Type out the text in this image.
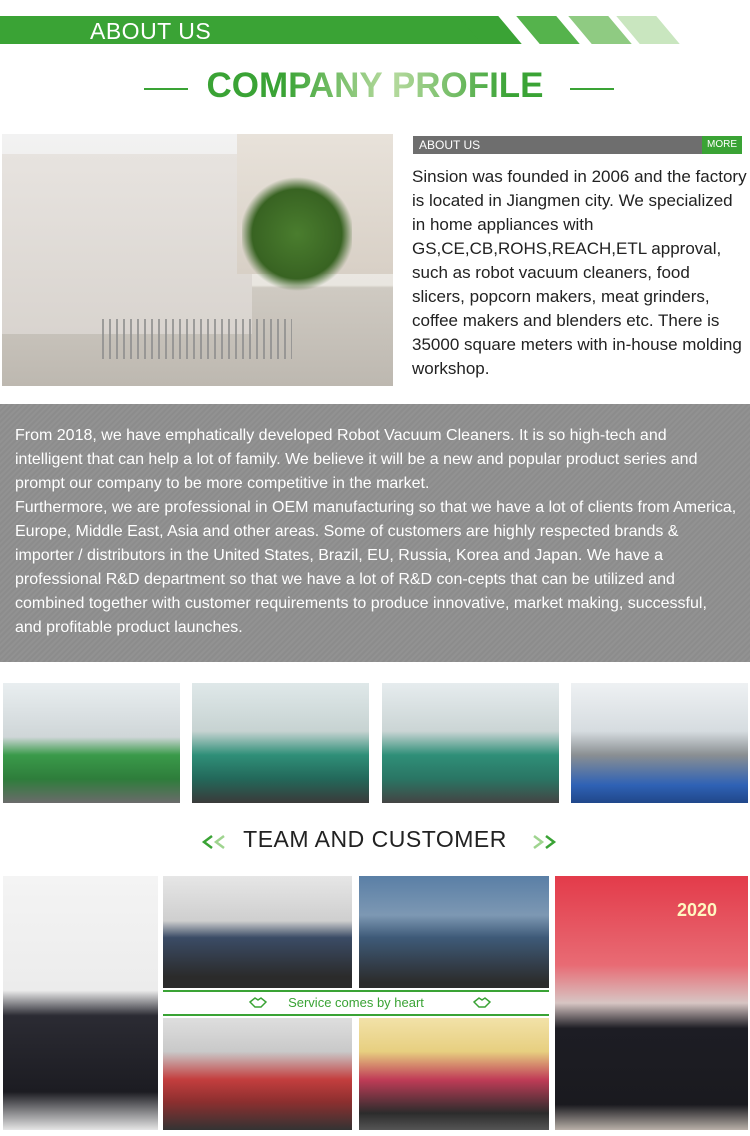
ABOUT US
COMPANY PROFILE
ABOUT US	MORE
Sinsion was founded in 2006 and the factory is located in Jiangmen city. We specialized in home appliances with GS,CE,CB,ROHS,REACH,ETL approval, such as robot vacuum cleaners, food slicers, popcorn makers, meat grinders, coffee makers and blenders etc. There is 35000 square meters with in-house molding workshop.
From 2018, we have emphatically developed Robot Vacuum Cleaners. It is so high-tech and intelligent that can help a lot of family. We believe it will be a new and popular product series and prompt our company to be more competitive in the market.
Furthermore, we are professional in OEM manufacturing so that we have a lot of clients from America, Europe, Middle East, Asia and other areas. Some of customers are highly respected brands & importer / distributors in the United States, Brazil, EU, Russia, Korea and Japan. We have a professional R&D department so that we have a lot of R&D con-cepts that can be utilized and combined together with customer requirements to produce innovative, market making, successful, and profitable product launches.
TEAM AND CUSTOMER
2020
Service comes by heart
